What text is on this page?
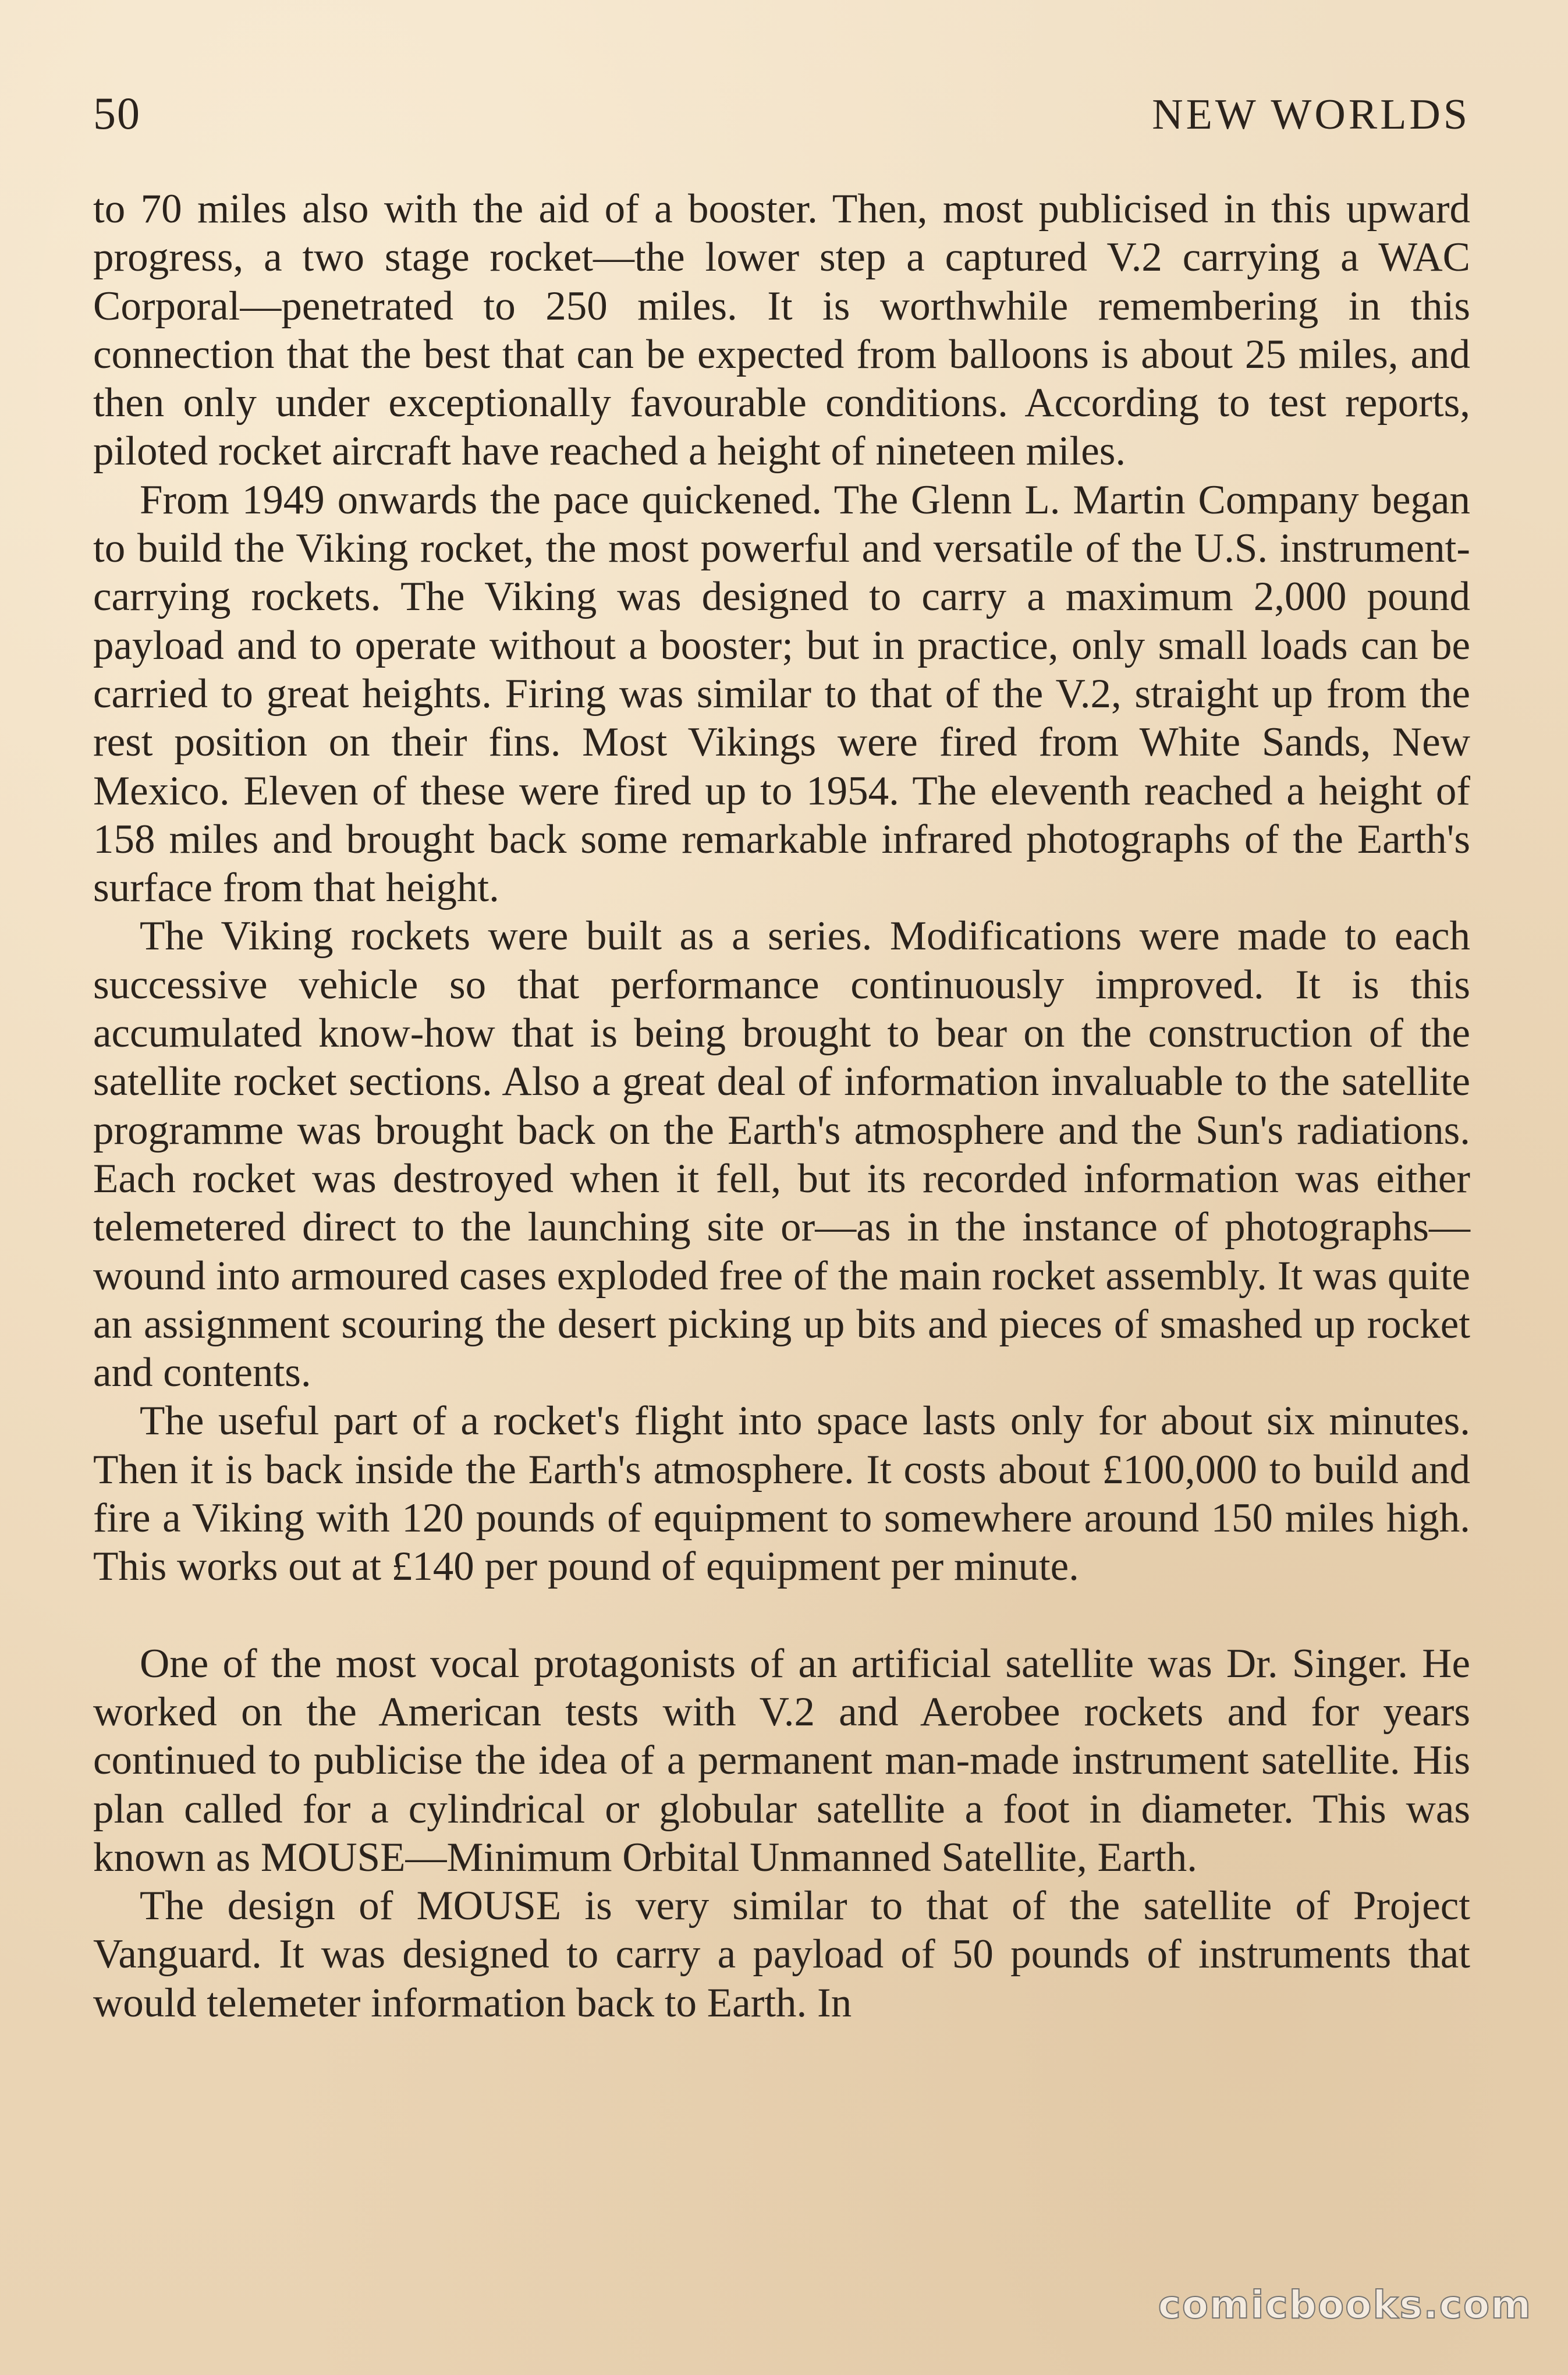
50	NEW WORLDS

to 70 miles also with the aid of a booster. Then, most publicised in this upward progress, a two stage rocket—the lower step a captured V.2 carrying a WAC Corporal—penetrated to 250 miles. It is worthwhile remembering in this connection that the best that can be expected from balloons is about 25 miles, and then only under exceptionally favourable conditions. According to test reports, piloted rocket aircraft have reached a height of nineteen miles.

From 1949 onwards the pace quickened. The Glenn L. Martin Company began to build the Viking rocket, the most powerful and versatile of the U.S. instrument-carrying rockets. The Viking was designed to carry a maximum 2,000 pound payload and to operate without a booster; but in practice, only small loads can be carried to great heights. Firing was similar to that of the V.2, straight up from the rest position on their fins. Most Vikings were fired from White Sands, New Mexico. Eleven of these were fired up to 1954. The eleventh reached a height of 158 miles and brought back some remarkable infrared photographs of the Earth's surface from that height.

The Viking rockets were built as a series. Modifications were made to each successive vehicle so that performance continuously improved. It is this accumulated know-how that is being brought to bear on the construction of the satellite rocket sections. Also a great deal of information invaluable to the satellite programme was brought back on the Earth's atmosphere and the Sun's radiations. Each rocket was destroyed when it fell, but its recorded information was either telemetered direct to the launching site or—as in the instance of photographs—wound into armoured cases exploded free of the main rocket assembly. It was quite an assignment scouring the desert picking up bits and pieces of smashed up rocket and contents.

The useful part of a rocket's flight into space lasts only for about six minutes. Then it is back inside the Earth's atmosphere. It costs about £100,000 to build and fire a Viking with 120 pounds of equipment to somewhere around 150 miles high. This works out at £140 per pound of equipment per minute.

One of the most vocal protagonists of an artificial satellite was Dr. Singer. He worked on the American tests with V.2 and Aerobee rockets and for years continued to publicise the idea of a permanent man-made instrument satellite. His plan called for a cylindrical or globular satellite a foot in diameter. This was known as MOUSE—Minimum Orbital Unmanned Satellite, Earth.

The design of MOUSE is very similar to that of the satellite of Project Vanguard. It was designed to carry a payload of 50 pounds of instruments that would telemeter information back to Earth. In

comicbooks.com
